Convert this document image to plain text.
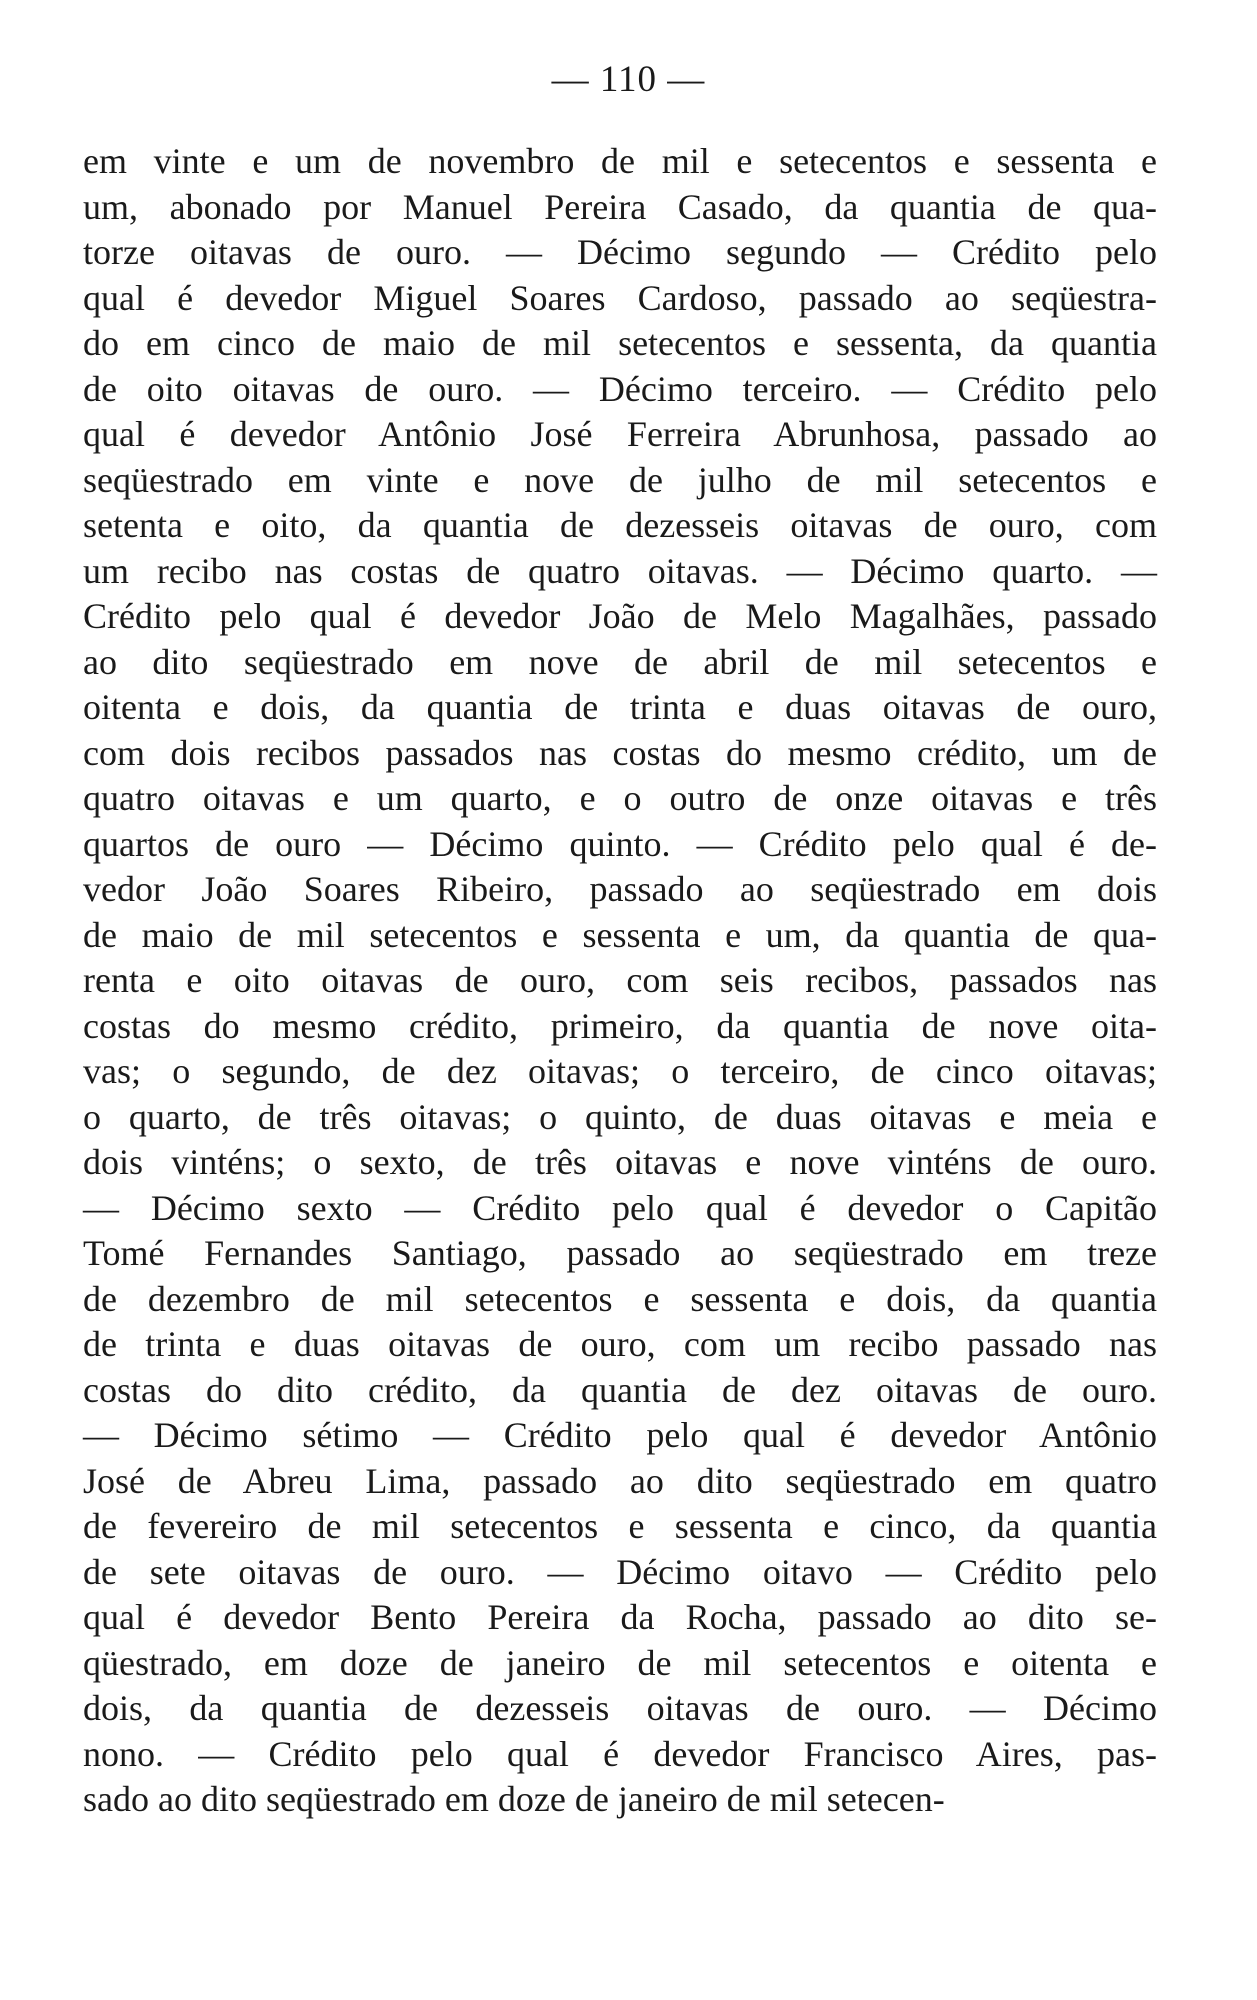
— 110 —

em vinte e um de novembro de mil e setecentos e sessenta e
um, abonado por Manuel Pereira Casado, da quantia de qua-
torze oitavas de ouro. — Décimo segundo — Crédito pelo
qual é devedor Miguel Soares Cardoso, passado ao seqüestra-
do em cinco de maio de mil setecentos e sessenta, da quantia
de oito oitavas de ouro. — Décimo terceiro. — Crédito pelo
qual é devedor Antônio José Ferreira Abrunhosa, passado ao
seqüestrado em vinte e nove de julho de mil setecentos e
setenta e oito, da quantia de dezesseis oitavas de ouro, com
um recibo nas costas de quatro oitavas. — Décimo quarto. —
Crédito pelo qual é devedor João de Melo Magalhães, passado
ao dito seqüestrado em nove de abril de mil setecentos e
oitenta e dois, da quantia de trinta e duas oitavas de ouro,
com dois recibos passados nas costas do mesmo crédito, um de
quatro oitavas e um quarto, e o outro de onze oitavas e três
quartos de ouro — Décimo quinto. — Crédito pelo qual é de-
vedor João Soares Ribeiro, passado ao seqüestrado em dois
de maio de mil setecentos e sessenta e um, da quantia de qua-
renta e oito oitavas de ouro, com seis recibos, passados nas
costas do mesmo crédito, primeiro, da quantia de nove oita-
vas; o segundo, de dez oitavas; o terceiro, de cinco oitavas;
o quarto, de três oitavas; o quinto, de duas oitavas e meia e
dois vinténs; o sexto, de três oitavas e nove vinténs de ouro.
— Décimo sexto — Crédito pelo qual é devedor o Capitão
Tomé Fernandes Santiago, passado ao seqüestrado em treze
de dezembro de mil setecentos e sessenta e dois, da quantia
de trinta e duas oitavas de ouro, com um recibo passado nas
costas do dito crédito, da quantia de dez oitavas de ouro.
— Décimo sétimo — Crédito pelo qual é devedor Antônio
José de Abreu Lima, passado ao dito seqüestrado em quatro
de fevereiro de mil setecentos e sessenta e cinco, da quantia
de sete oitavas de ouro. — Décimo oitavo — Crédito pelo
qual é devedor Bento Pereira da Rocha, passado ao dito se-
qüestrado, em doze de janeiro de mil setecentos e oitenta e
dois, da quantia de dezesseis oitavas de ouro. — Décimo
nono. — Crédito pelo qual é devedor Francisco Aires, pas-
sado ao dito seqüestrado em doze de janeiro de mil setecen-
